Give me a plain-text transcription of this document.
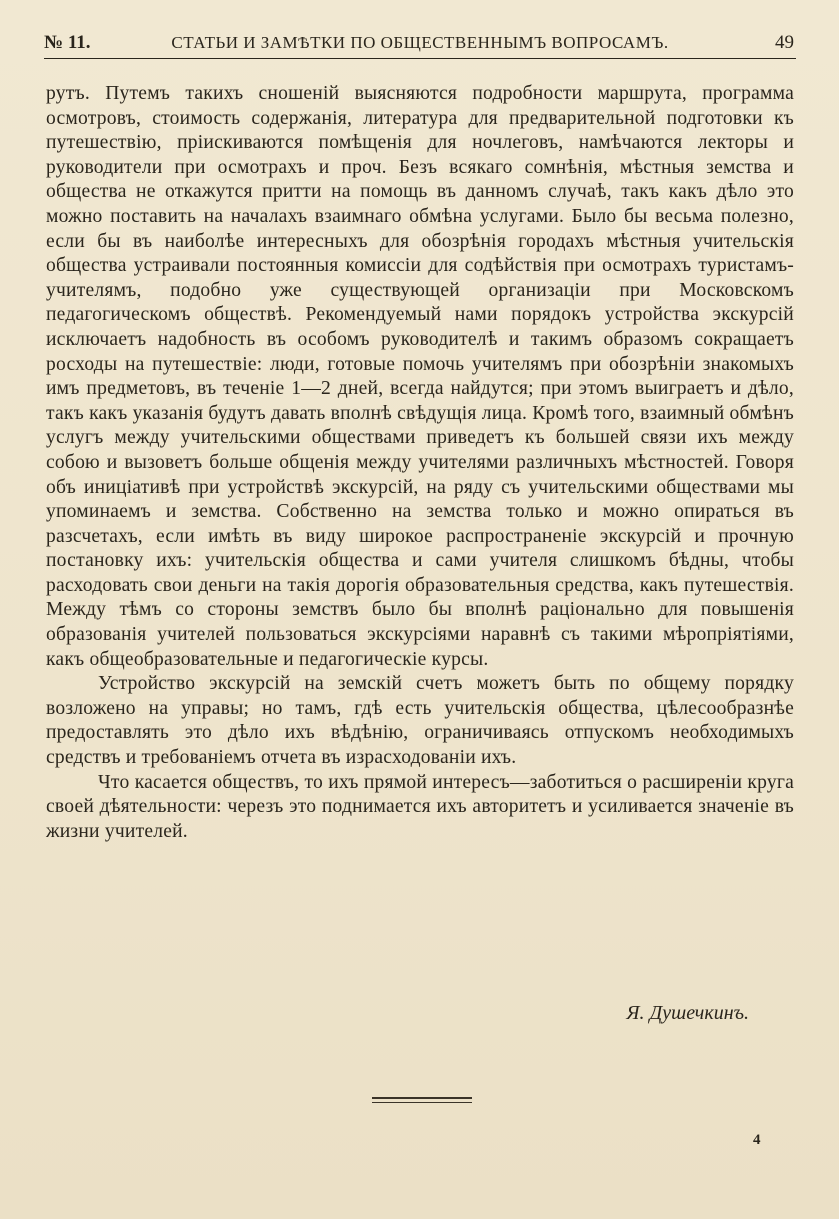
№ 11.	СТАТЬИ И ЗАМѢТКИ ПО ОБЩЕСТВЕННЫМЪ ВОПРОСАМЪ.	49

рутъ. Путемъ такихъ сношеній выясняются подробности маршрута, программа осмотровъ, стоимость содержанія, литература для предварительной подготовки къ путешествію, прiискиваются помѣщенія для ночлеговъ, намѣчаются лекторы и руководители при осмотрахъ и проч. Безъ всякаго сомнѣнія, мѣстныя земства и общества не откажутся притти на помощь въ данномъ случаѣ, такъ какъ дѣло это можно поставить на началахъ взаимнаго обмѣна услугами. Было бы весьма полезно, если бы въ наиболѣе интересныхъ для обозрѣнія городахъ мѣстныя учительскія общества устраивали постоянныя комиссіи для содѣйствія при осмотрахъ туристамъ-учителямъ, подобно уже существующей организаціи при Московскомъ педагогическомъ обществѣ. Рекомендуемый нами порядокъ устройства экскурсій исключаетъ надобность въ особомъ руководителѣ и такимъ образомъ сокращаетъ росходы на путешествіе: люди, готовые помочь учителямъ при обозрѣніи знакомыхъ имъ предметовъ, въ теченіе 1—2 дней, всегда найдутся; при этомъ выиграетъ и дѣло, такъ какъ указанія будутъ давать вполнѣ свѣдущія лица. Кромѣ того, взаимный обмѣнъ услугъ между учительскими обществами приведетъ къ большей связи ихъ между собою и вызоветъ больше общенія между учителями различныхъ мѣстностей. Говоря объ иниціативѣ при устройствѣ экскурсій, на ряду съ учительскими обществами мы упоминаемъ и земства. Собственно на земства только и можно опираться въ разсчетахъ, если имѣть въ виду широкое распространеніе экскурсій и прочную постановку ихъ: учительскія общества и сами учителя слишкомъ бѣдны, чтобы расходовать свои деньги на такія дорогія образовательныя средства, какъ путешествія. Между тѣмъ со стороны земствъ было бы вполнѣ раціонально для повышенія образованія учителей пользоваться экскурсіями наравнѣ съ такими мѣропріятіями, какъ общеобразовательные и педагогическіе курсы.

Устройство экскурсій на земскій счетъ можетъ быть по общему порядку возложено на управы; но тамъ, гдѣ есть учительскія общества, цѣлесообразнѣе предоставлять это дѣло ихъ вѣдѣнію, ограничиваясь отпускомъ необходимыхъ средствъ и требованіемъ отчета въ израсходованіи ихъ.

Что касается обществъ, то ихъ прямой интересъ—заботиться о расширеніи круга своей дѣятельности: черезъ это поднимается ихъ авторитетъ и усиливается значеніе въ жизни учителей.

Я. Душечкинъ.
4
